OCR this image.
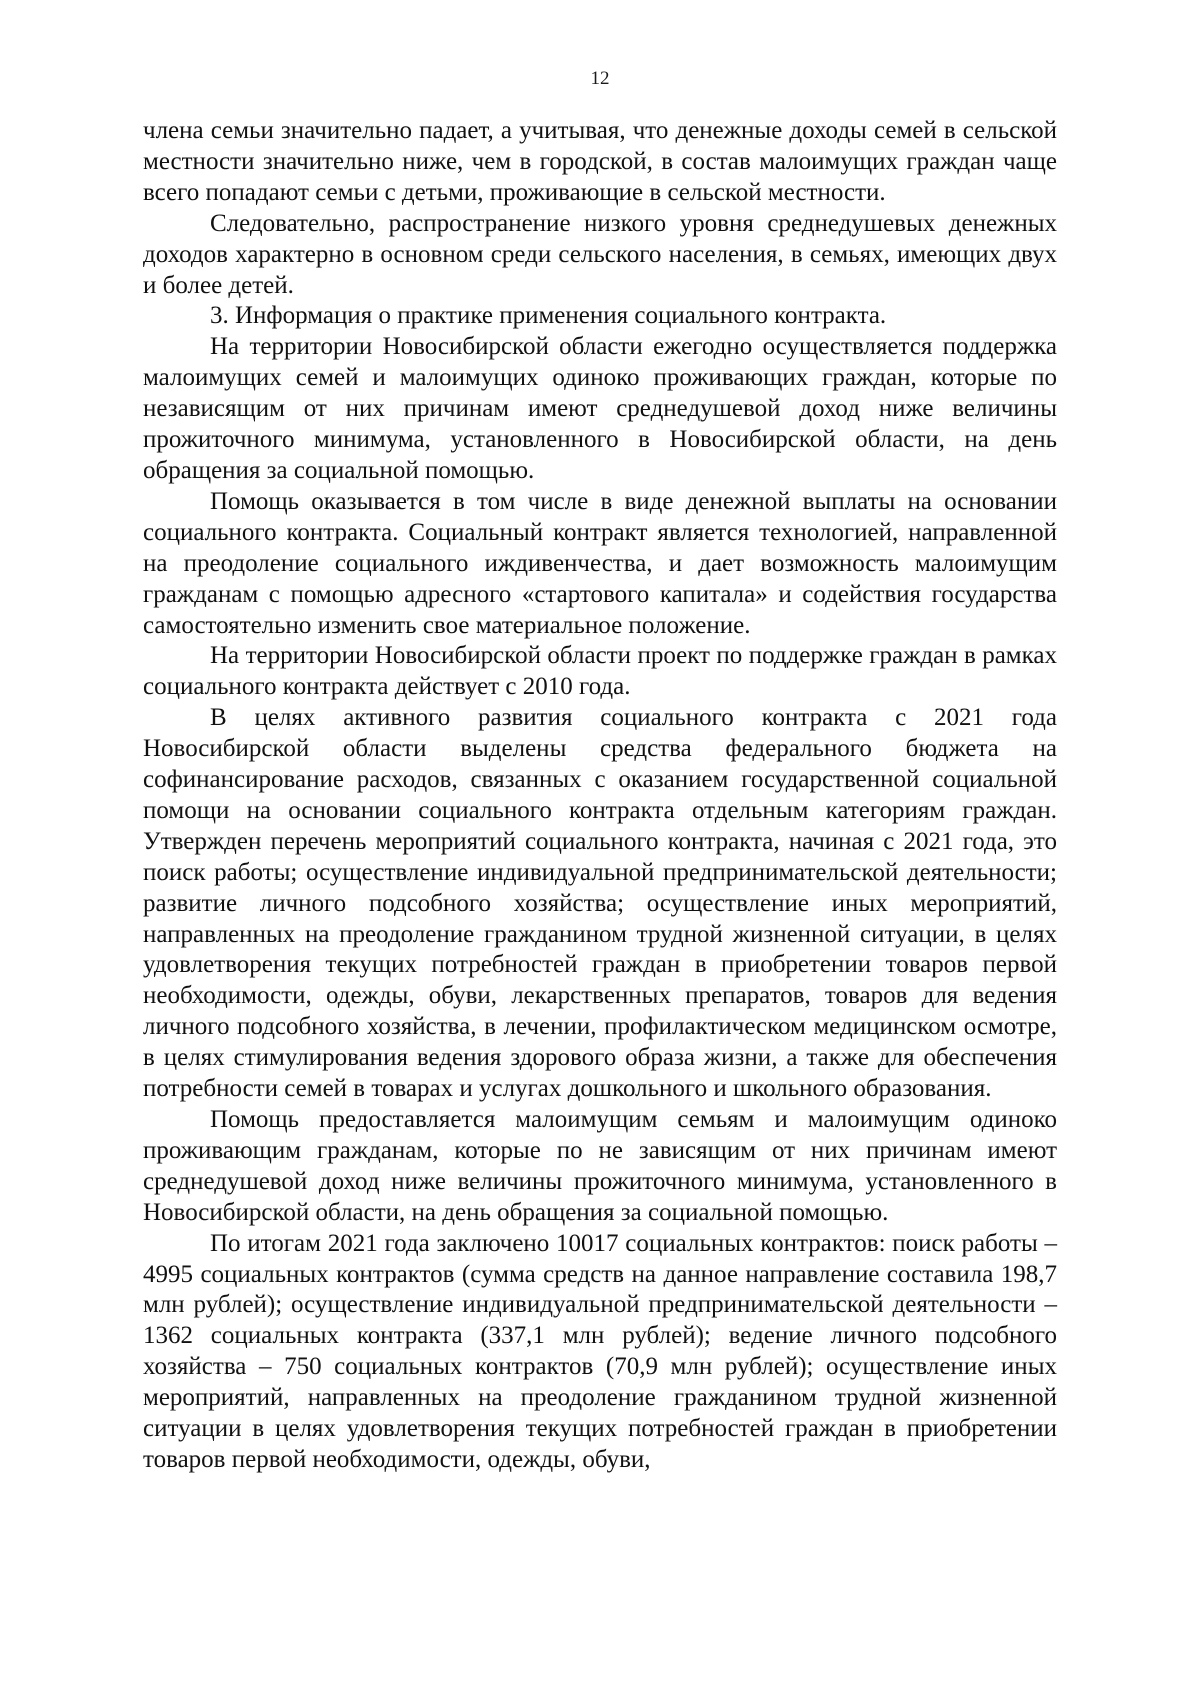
12

члена семьи значительно падает, а учитывая, что денежные доходы семей в сельской местности значительно ниже, чем в городской, в состав малоимущих граждан чаще всего попадают семьи с детьми, проживающие в сельской местности.

Следовательно, распространение низкого уровня среднедушевых денежных доходов характерно в основном среди сельского населения, в семьях, имеющих двух и более детей.

3. Информация о практике применения социального контракта.

На территории Новосибирской области ежегодно осуществляется поддержка малоимущих семей и малоимущих одиноко проживающих граждан, которые по независящим от них причинам имеют среднедушевой доход ниже величины прожиточного минимума, установленного в Новосибирской области, на день обращения за социальной помощью.

Помощь оказывается в том числе в виде денежной выплаты на основании социального контракта. Социальный контракт является технологией, направленной на преодоление социального иждивенчества, и дает возможность малоимущим гражданам с помощью адресного «стартового капитала» и содействия государства самостоятельно изменить свое материальное положение.

На территории Новосибирской области проект по поддержке граждан в рамках социального контракта действует с 2010 года.

В целях активного развития социального контракта с 2021 года Новосибирской области выделены средства федерального бюджета на софинансирование расходов, связанных с оказанием государственной социальной помощи на основании социального контракта отдельным категориям граждан. Утвержден перечень мероприятий социального контракта, начиная с 2021 года, это поиск работы; осуществление индивидуальной предпринимательской деятельности; развитие личного подсобного хозяйства; осуществление иных мероприятий, направленных на преодоление гражданином трудной жизненной ситуации, в целях удовлетворения текущих потребностей граждан в приобретении товаров первой необходимости, одежды, обуви, лекарственных препаратов, товаров для ведения личного подсобного хозяйства, в лечении, профилактическом медицинском осмотре, в целях стимулирования ведения здорового образа жизни, а также для обеспечения потребности семей в товарах и услугах дошкольного и школьного образования.

Помощь предоставляется малоимущим семьям и малоимущим одиноко проживающим гражданам, которые по не зависящим от них причинам имеют среднедушевой доход ниже величины прожиточного минимума, установленного в Новосибирской области, на день обращения за социальной помощью.

По итогам 2021 года заключено 10017 социальных контрактов: поиск работы – 4995 социальных контрактов (сумма средств на данное направление составила 198,7 млн рублей); осуществление индивидуальной предпринимательской деятельности – 1362 социальных контракта (337,1 млн рублей); ведение личного подсобного хозяйства – 750 социальных контрактов (70,9 млн рублей); осуществление иных мероприятий, направленных на преодоление гражданином трудной жизненной ситуации в целях удовлетворения текущих потребностей граждан в приобретении товаров первой необходимости, одежды, обуви,
